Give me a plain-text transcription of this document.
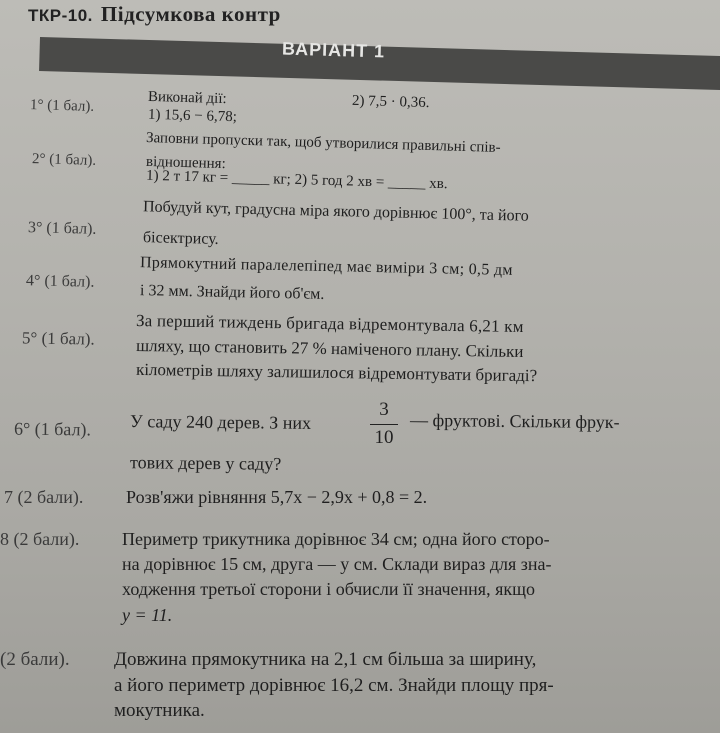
ТКР-10. Підсумкова контр
ВАРІАНТ 1
1° (1 бал).	Виконай дії:
1) 15,6 − 6,78;
2) 7,5 · 0,36.
2° (1 бал).
Заповни пропуски так, щоб утворилися правильні спів-
відношення:
1) 2 т 17 кг = _____ кг; 2) 5 год 2 хв = _____ хв.
3° (1 бал).
Побудуй кут, градусна міра якого дорівнює 100°, та його
бісектрису.
4° (1 бал).
Прямокутний паралелепіпед має виміри 3 см; 0,5 дм
і 32 мм. Знайди його об'єм.
5° (1 бал).
За перший тиждень бригада відремонтувала 6,21 км
шляху, що становить 27 % наміченого плану. Скільки
кілометрів шляху залишилося відремонтувати бригаді?
6° (1 бал). У саду 240 дерев. З них
3
10
— фруктові. Скільки фрук-
тових дерев у саду?
7 (2 бали). Розв'яжи рівняння 5,7x − 2,9x + 0,8 = 2.
8 (2 бали). Периметр трикутника дорівнює 34 см; одна його сторо-
на дорівнює 15 см, друга — у см. Склади вираз для зна-
ходження третьої сторони і обчисли її значення, якщо
y = 11.
(2 бали). Довжина прямокутника на 2,1 см більша за ширину,
а його периметр дорівнює 16,2 см. Знайди площу пря-
мокутника.
